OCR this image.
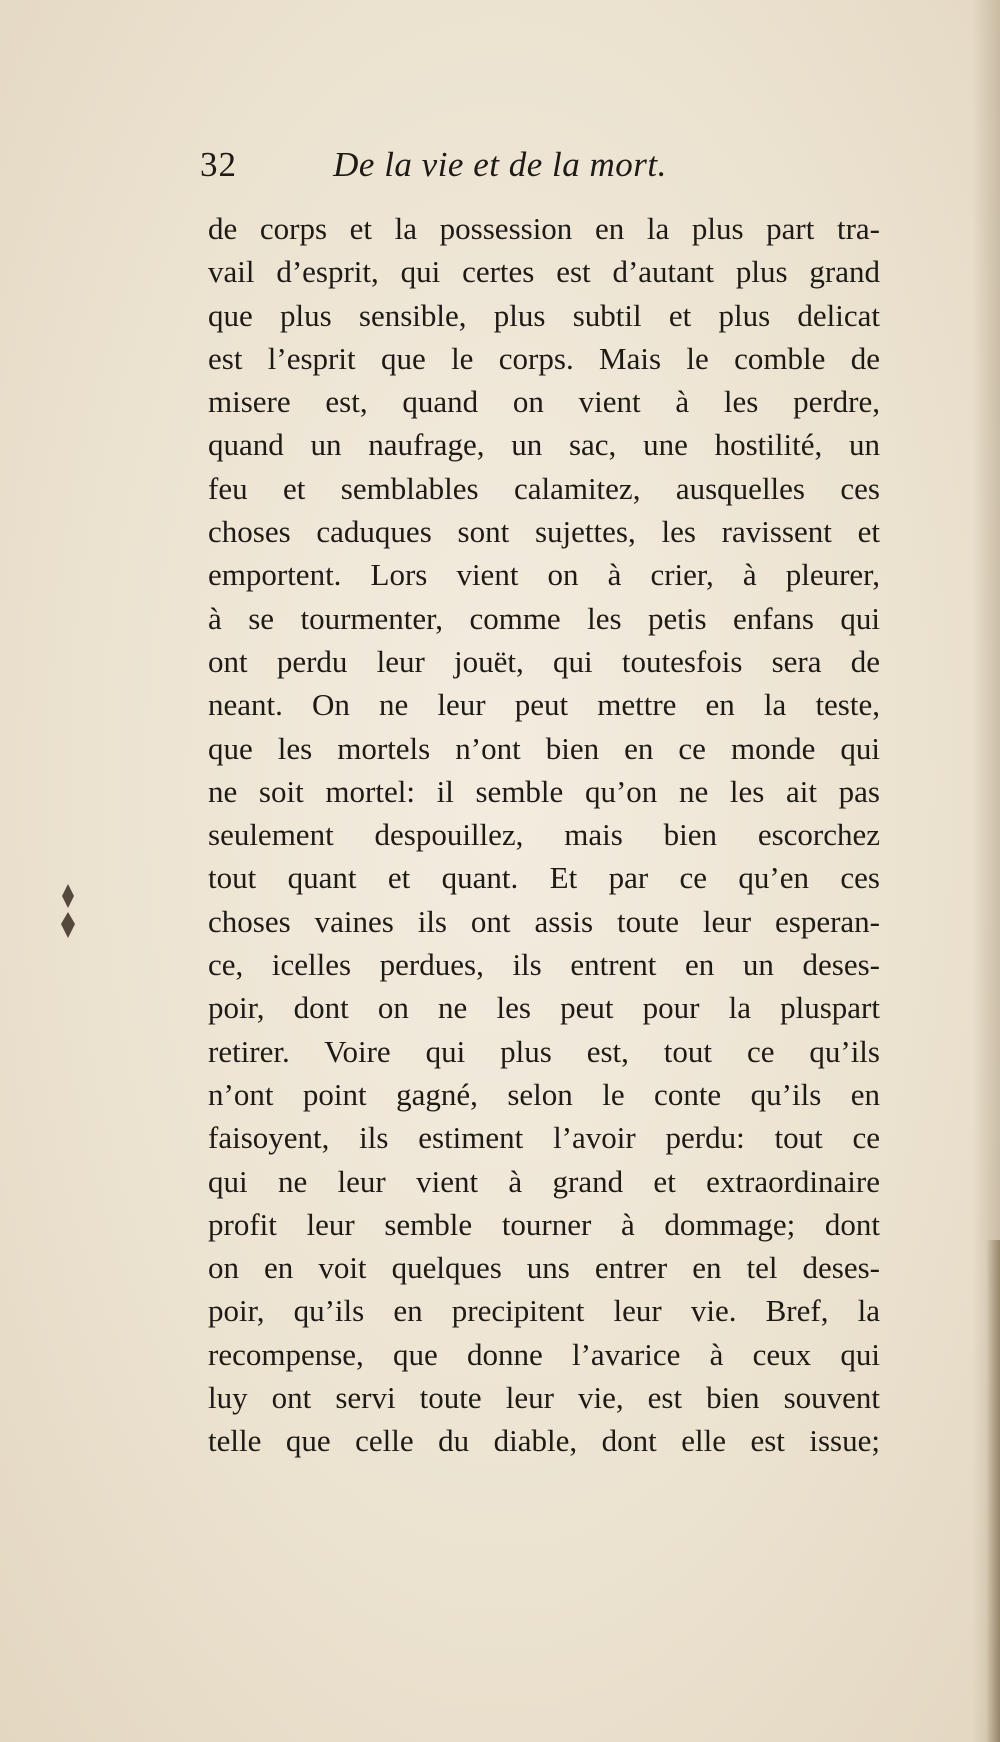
32	De la vie et de la mort.
de corps et la possession en la plus part tra-
vail d’esprit, qui certes est d’autant plus grand
que plus sensible, plus subtil et plus delicat
est l’esprit que le corps. Mais le comble de
misere est, quand on vient à les perdre,
quand un naufrage, un sac, une hostilité, un
feu et semblables calamitez, ausquelles ces
choses caduques sont sujettes, les ravissent et
emportent. Lors vient on à crier, à pleurer,
à se tourmenter, comme les petis enfans qui
ont perdu leur jouët, qui toutesfois sera de
neant. On ne leur peut mettre en la teste,
que les mortels n’ont bien en ce monde qui
ne soit mortel: il semble qu’on ne les ait pas
seulement despouillez, mais bien escorchez
tout quant et quant. Et par ce qu’en ces
choses vaines ils ont assis toute leur esperan-
ce, icelles perdues, ils entrent en un deses-
poir, dont on ne les peut pour la pluspart
retirer. Voire qui plus est, tout ce qu’ils
n’ont point gagné, selon le conte qu’ils en
faisoyent, ils estiment l’avoir perdu: tout ce
qui ne leur vient à grand et extraordinaire
profit leur semble tourner à dommage; dont
on en voit quelques uns entrer en tel deses-
poir, qu’ils en precipitent leur vie. Bref, la
recompense, que donne l’avarice à ceux qui
luy ont servi toute leur vie, est bien souvent
telle que celle du diable, dont elle est issue;
